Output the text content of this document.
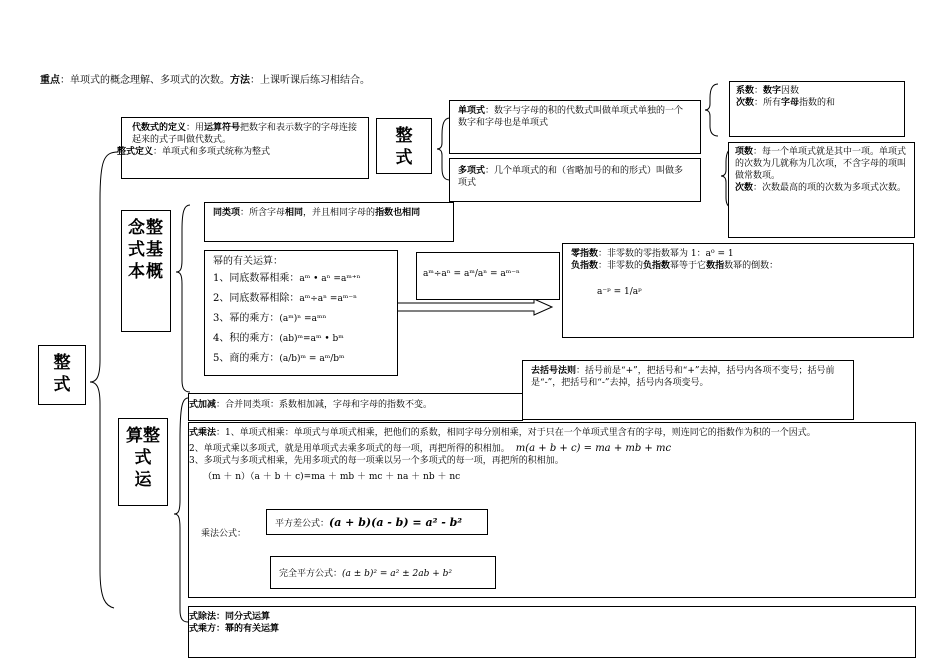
重点：单项式的概念理解、多项式的次数。方法：上课听课后练习相结合。
整
式
代数式的定义：用运算符号把数字和表示数字的字母连接起来的式子叫做代数式。
整式定义：单项式和多项式统称为整式
整
式
单项式：数字与字母的积的代数式叫做单项式单独的一个数字和字母也是单项式
多项式：几个单项式的和（省略加号的和的形式）叫做多项式
系数：数字因数
次数：所有字母指数的和
项数：每一个单项式就是其中一项。单项式的次数为几就称为几次项，不含字母的项叫做常数项。
次数：次数最高的项的次数为多项式次数。
念整
式基
本概
同类项：所含字母相同，并且相同字母的指数也相同
幂的有关运算：
1、同底数幂相乘：aᵐ • aⁿ =aᵐ⁺ⁿ
2、同底数幂相除：aᵐ÷aⁿ =aᵐ⁻ⁿ
3、幂的乘方：(aᵐ)ⁿ =aᵐⁿ
4、积的乘方：(ab)ᵐ=aᵐ • bᵐ
5、商的乘方：(a/b)ᵐ = aᵐ/bᵐ
aᵐ÷aⁿ = aᵐ/aⁿ = aᵐ⁻ⁿ
零指数：非零数的零指数幂为 1：a⁰ = 1
负指数：非零数的负指数幂等于它数指数幂的倒数：
a⁻ᵖ = 1/aᵖ
去括号法则：括号前是“+”，把括号和“+”去掉，括号内各项不变号；括号前是“-”，把括号和“-”去掉，括号内各项变号。
算整
式
运
式加减：合并同类项：系数相加减，字母和字母的指数不变。
式乘法：1、单项式相乘：单项式与单项式相乘，把他们的系数，相同字母分别相乘，对于只在一个单项式里含有的字母，则连同它的指数作为积的一个因式。
2、单项式乘以多项式，就是用单项式去乘多项式的每一项，再把所得的积相加。 m(a + b + c) = ma + mb + mc
3、多项式与多项式相乘，先用多项式的每一项乘以另一个多项式的每一项，再把所的积相加。
（m ＋ n）（a ＋ b ＋ c)=ma ＋ mb ＋ mc ＋ na ＋ nb ＋ nc
乘法公式：
平方差公式：(a + b)(a - b) = a² - b²
完全平方公式：(a ± b)² = a² ± 2ab + b²
式除法：同分式运算
式乘方：幂的有关运算
